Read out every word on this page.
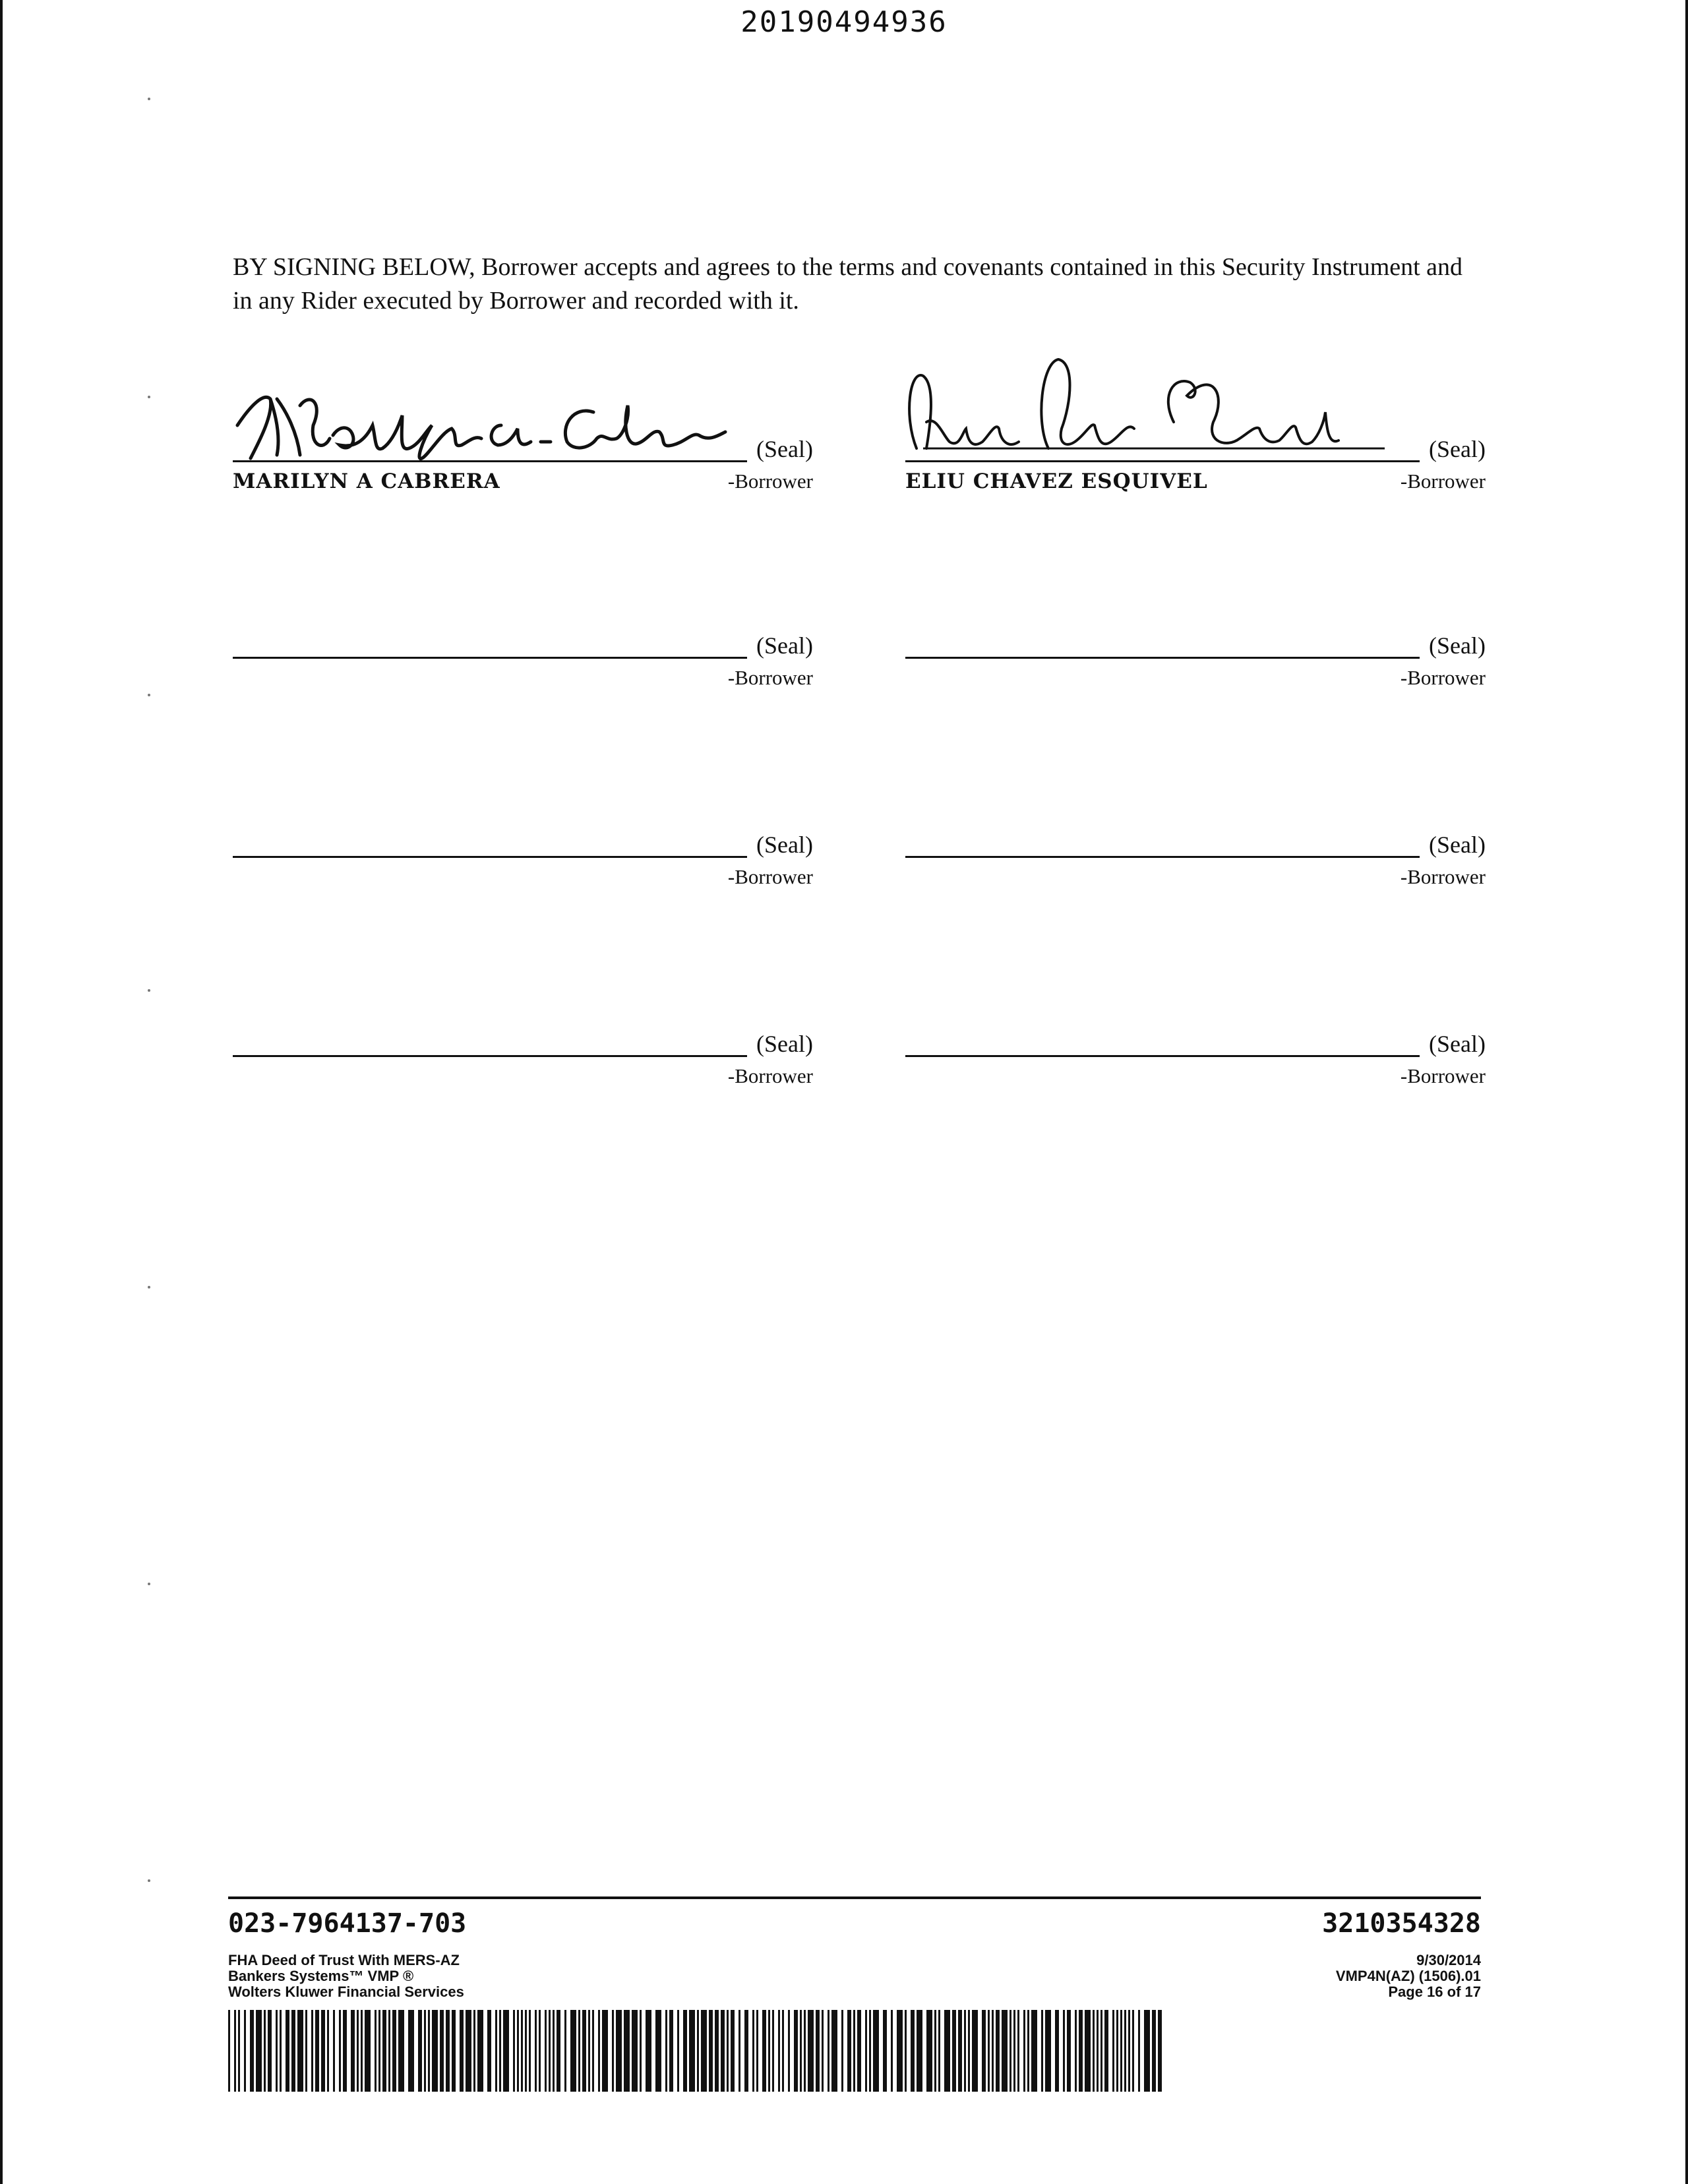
20190494936
BY SIGNING BELOW, Borrower accepts and agrees to the terms and covenants contained in this Security Instrument and in any Rider executed by Borrower and recorded with it.
(Seal)
MARILYN A CABRERA	-Borrower
(Seal)
ELIU CHAVEZ ESQUIVEL	-Borrower
(Seal)
-Borrower
(Seal)
-Borrower
(Seal)
-Borrower
(Seal)
-Borrower
(Seal)
-Borrower
(Seal)
-Borrower
023-7964137-703	3210354328
FHA Deed of Trust With MERS-AZ
Bankers Systems™ VMP ®
Wolters Kluwer Financial Services
9/30/2014
VMP4N(AZ) (1506).01
Page 16 of 17
